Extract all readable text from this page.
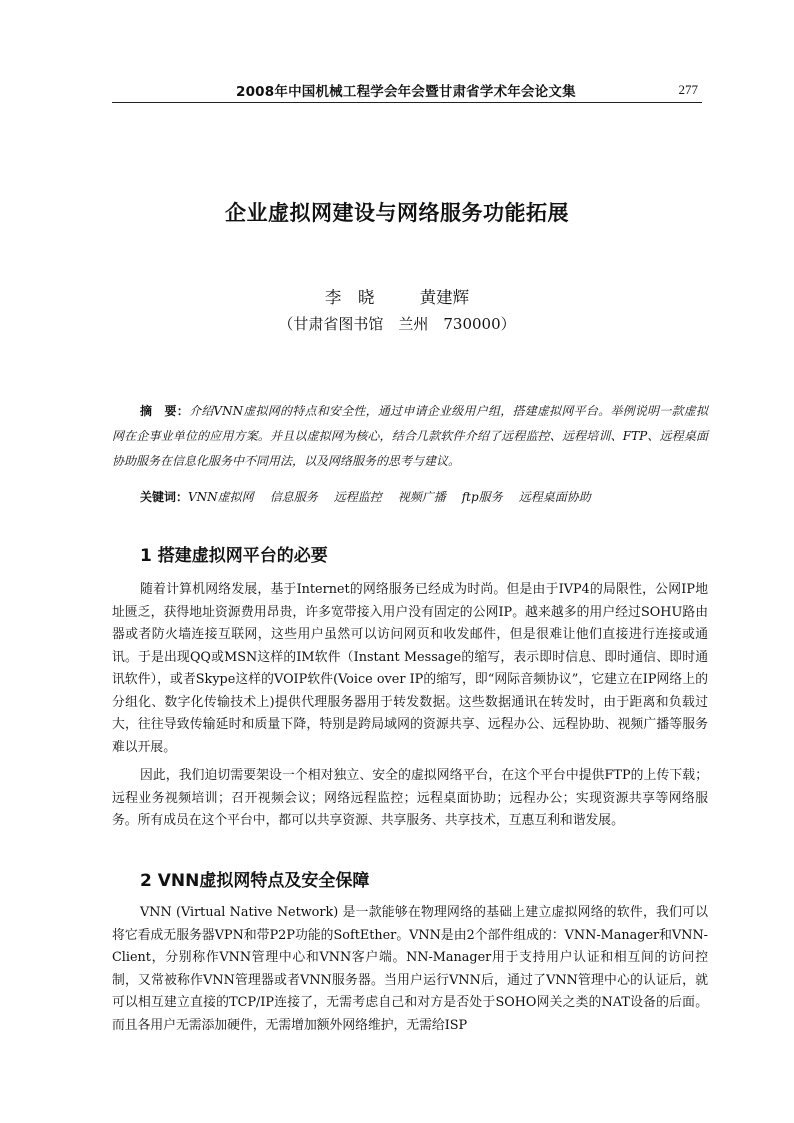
2008年中国机械工程学会年会暨甘肃省学术年会论文集	277
企业虚拟网建设与网络服务功能拓展
李　晓	黄建辉
（甘肃省图书馆　兰州　730000）
摘　要：介绍VNN虚拟网的特点和安全性，通过申请企业级用户组，搭建虚拟网平台。举例说明一款虚拟网在企事业单位的应用方案。并且以虚拟网为核心，结合几款软件介绍了远程监控、远程培训、FTP、远程桌面协助服务在信息化服务中不同用法，以及网络服务的思考与建议。
关键词：VNN虚拟网 信息服务 远程监控 视频广播 ftp服务 远程桌面协助
1 搭建虚拟网平台的必要

随着计算机网络发展，基于Internet的网络服务已经成为时尚。但是由于IVP4的局限性，公网IP地址匮乏，获得地址资源费用昂贵，许多宽带接入用户没有固定的公网IP。越来越多的用户经过SOHU路由器或者防火墙连接互联网，这些用户虽然可以访问网页和收发邮件，但是很难让他们直接进行连接或通讯。于是出现QQ或MSN这样的IM软件（Instant Message的缩写，表示即时信息、即时通信、即时通讯软件），或者Skype这样的VOIP软件(Voice over IP的缩写，即“网际音频协议”，它建立在IP网络上的分组化、数字化传输技术上)提供代理服务器用于转发数据。这些数据通讯在转发时，由于距离和负载过大，往往导致传输延时和质量下降，特别是跨局域网的资源共享、远程办公、远程协助、视频广播等服务难以开展。

因此，我们迫切需要架设一个相对独立、安全的虚拟网络平台，在这个平台中提供FTP的上传下载；远程业务视频培训；召开视频会议；网络远程监控；远程桌面协助；远程办公；实现资源共享等网络服务。所有成员在这个平台中，都可以共享资源、共享服务、共享技术，互惠互利和谐发展。

2 VNN虚拟网特点及安全保障

VNN (Virtual Native Network) 是一款能够在物理网络的基础上建立虚拟网络的软件，我们可以将它看成无服务器VPN和带P2P功能的SoftEther。VNN是由2个部件组成的：VNN-Manager和VNN-Client，分别称作VNN管理中心和VNN客户端。NN-Manager用于支持用户认证和相互间的访问控制，又常被称作VNN管理器或者VNN服务器。当用户运行VNN后，通过了VNN管理中心的认证后，就可以相互建立直接的TCP/IP连接了，无需考虑自己和对方是否处于SOHO网关之类的NAT设备的后面。而且各用户无需添加硬件，无需增加额外网络维护，无需给ISP
